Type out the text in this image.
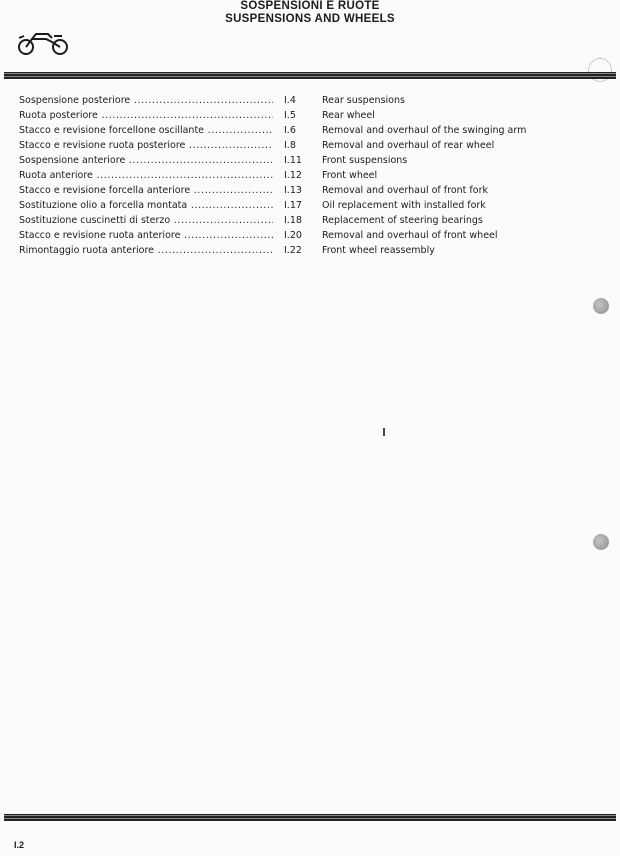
SOSPENSIONI E RUOTE
SUSPENSIONS AND WHEELS
Sospensione posteriore .....	I.4	Rear suspensions
Ruota posteriore .....	I.5	Rear wheel
Stacco e revisione forcellone oscillante .....	I.6	Removal and overhaul of the swinging arm
Stacco e revisione ruota posteriore .....	I.8	Removal and overhaul of rear wheel
Sospensione anteriore .....	I.11	Front suspensions
Ruota anteriore .....	I.12	Front wheel
Stacco e revisione forcella anteriore .....	I.13	Removal and overhaul of front fork
Sostituzione olio a forcella montata .....	I.17	Oil replacement with installed fork
Sostituzione cuscinetti di sterzo .....	I.18	Replacement of steering bearings
Stacco e revisione ruota anteriore .....	I.20	Removal and overhaul of front wheel
Rimontaggio ruota anteriore .....	I.22	Front wheel reassembly
I.2
